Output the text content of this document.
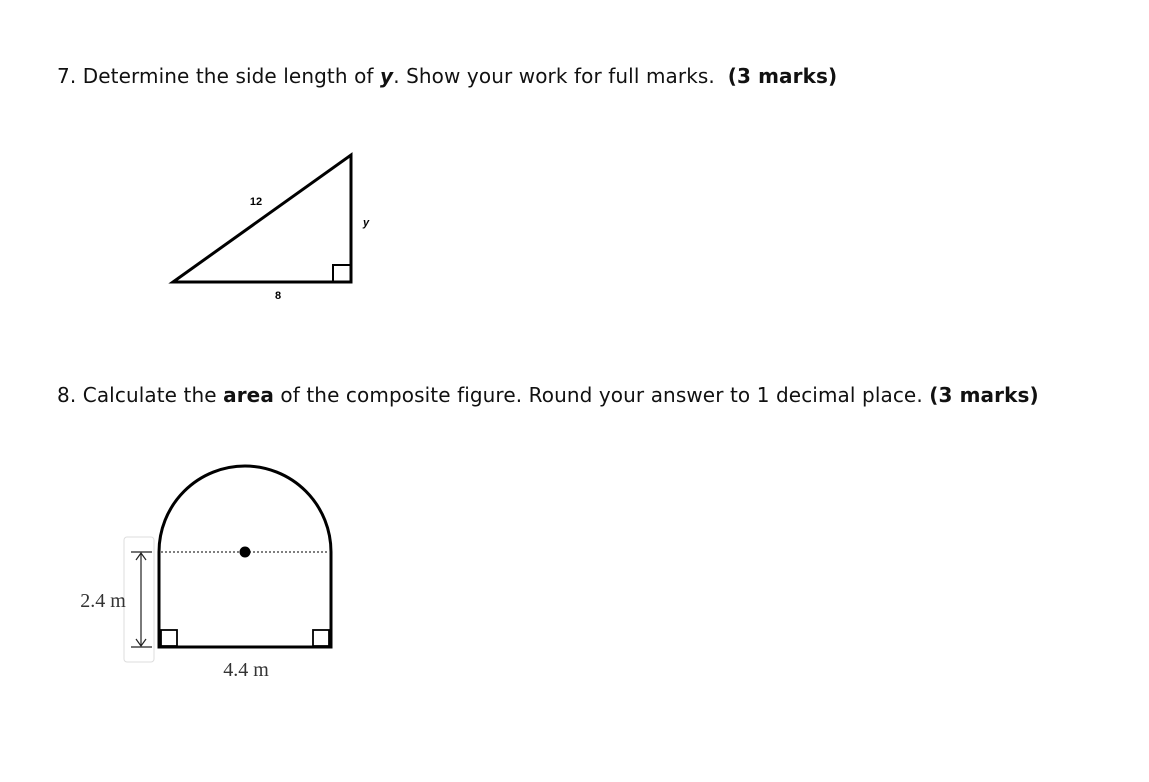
7. Determine the side length of y. Show your work for full marks. (3 marks)
12
y
8
2.4 m
4.4 m
8. Calculate the area of the composite figure. Round your answer to 1 decimal place. (3 marks)
